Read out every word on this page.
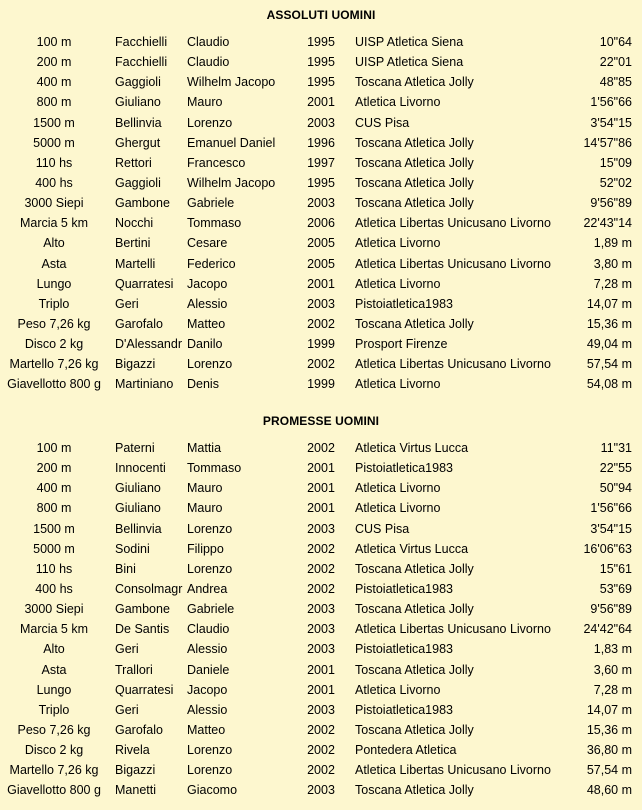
ASSOLUTI UOMINI
100 m	Facchielli	Claudio	1995	UISP Atletica Siena	10"64
200 m	Facchielli	Claudio	1995	UISP Atletica Siena	22"01
400 m	Gaggioli	Wilhelm Jacopo	1995	Toscana Atletica Jolly	48"85
800 m	Giuliano	Mauro	2001	Atletica Livorno	1'56"66
1500 m	Bellinvia	Lorenzo	2003	CUS Pisa	3'54"15
5000 m	Ghergut	Emanuel Daniel	1996	Toscana Atletica Jolly	14'57"86
110 hs	Rettori	Francesco	1997	Toscana Atletica Jolly	15"09
400 hs	Gaggioli	Wilhelm Jacopo	1995	Toscana Atletica Jolly	52"02
3000 Siepi	Gambone	Gabriele	2003	Toscana Atletica Jolly	9'56"89
Marcia 5 km	Nocchi	Tommaso	2006	Atletica Libertas Unicusano Livorno	22'43"14
Alto	Bertini	Cesare	2005	Atletica Livorno	1,89 m
Asta	Martelli	Federico	2005	Atletica Libertas Unicusano Livorno	3,80 m
Lungo	Quarratesi	Jacopo	2001	Atletica Livorno	7,28 m
Triplo	Geri	Alessio	2003	Pistoiatletica1983	14,07 m
Peso 7,26 kg	Garofalo	Matteo	2002	Toscana Atletica Jolly	15,36 m
Disco 2 kg	D'Alessandr Danilo	1999	Prosport Firenze	49,04 m
Martello 7,26 kg	Bigazzi	Lorenzo	2002	Atletica Libertas Unicusano Livorno	57,54 m
Giavellotto 800 g	Martiniano	Denis	1999	Atletica Livorno	54,08 m
PROMESSE UOMINI
100 m	Paterni	Mattia	2002	Atletica Virtus Lucca	11"31
200 m	Innocenti	Tommaso	2001	Pistoiatletica1983	22"55
400 m	Giuliano	Mauro	2001	Atletica Livorno	50"94
800 m	Giuliano	Mauro	2001	Atletica Livorno	1'56"66
1500 m	Bellinvia	Lorenzo	2003	CUS Pisa	3'54"15
5000 m	Sodini	Filippo	2002	Atletica Virtus Lucca	16'06"63
110 hs	Bini	Lorenzo	2002	Toscana Atletica Jolly	15"61
400 hs	Consolmagr Andrea	2002	Pistoiatletica1983	53"69
3000 Siepi	Gambone	Gabriele	2003	Toscana Atletica Jolly	9'56"89
Marcia 5 km	De Santis	Claudio	2003	Atletica Libertas Unicusano Livorno	24'42"64
Alto	Geri	Alessio	2003	Pistoiatletica1983	1,83 m
Asta	Trallori	Daniele	2001	Toscana Atletica Jolly	3,60 m
Lungo	Quarratesi	Jacopo	2001	Atletica Livorno	7,28 m
Triplo	Geri	Alessio	2003	Pistoiatletica1983	14,07 m
Peso 7,26 kg	Garofalo	Matteo	2002	Toscana Atletica Jolly	15,36 m
Disco 2 kg	Rivela	Lorenzo	2002	Pontedera Atletica	36,80 m
Martello 7,26 kg	Bigazzi	Lorenzo	2002	Atletica Libertas Unicusano Livorno	57,54 m
Giavellotto 800 g	Manetti	Giacomo	2003	Toscana Atletica Jolly	48,60 m
